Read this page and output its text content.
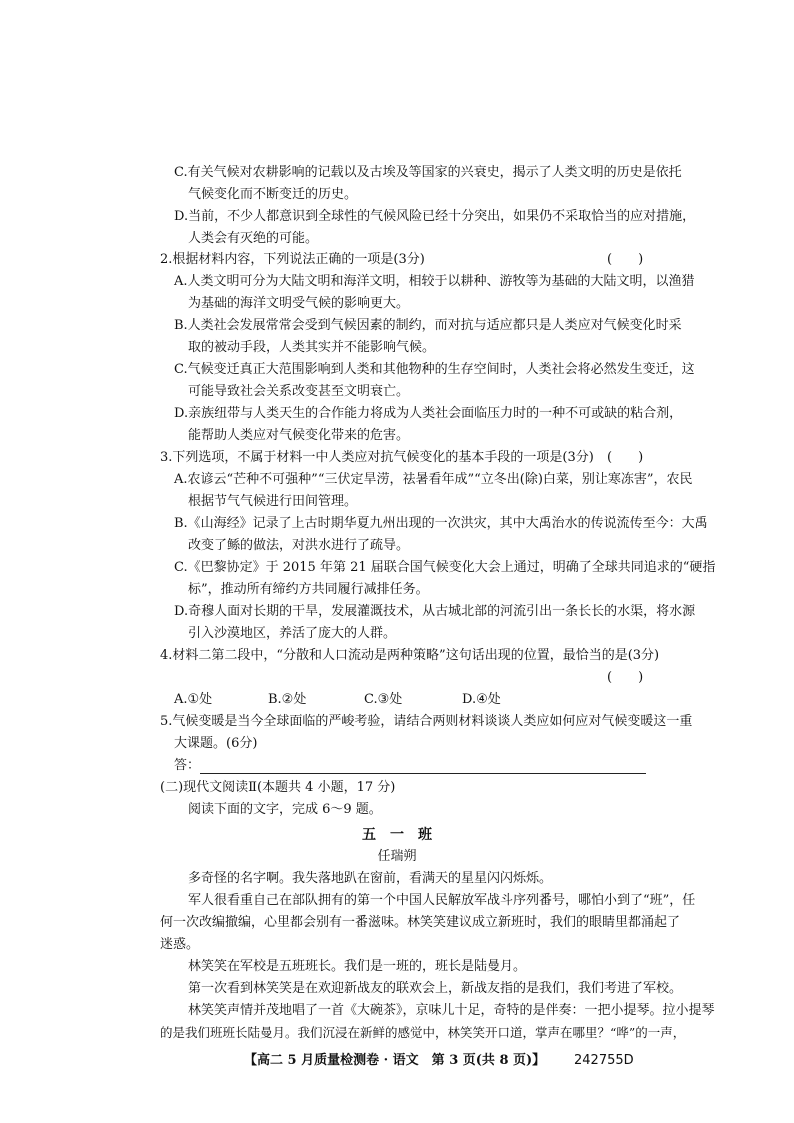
C.有关气候对农耕影响的记载以及古埃及等国家的兴衰史，揭示了人类文明的历史是依托
气候变化而不断变迁的历史。
D.当前，不少人都意识到全球性的气候风险已经十分突出，如果仍不采取恰当的应对措施，
人类会有灭绝的可能。
2.根据材料内容，下列说法正确的一项是(3分)	(　　)
A.人类文明可分为大陆文明和海洋文明，相较于以耕种、游牧等为基础的大陆文明，以渔猎
为基础的海洋文明受气候的影响更大。
B.人类社会发展常常会受到气候因素的制约，而对抗与适应都只是人类应对气候变化时采
取的被动手段，人类其实并不能影响气候。
C.气候变迁真正大范围影响到人类和其他物种的生存空间时，人类社会将必然发生变迁，这
可能导致社会关系改变甚至文明衰亡。
D.亲族纽带与人类天生的合作能力将成为人类社会面临压力时的一种不可或缺的粘合剂，
能帮助人类应对气候变化带来的危害。
3.下列选项，不属于材料一中人类应对抗气候变化的基本手段的一项是(3分) (　　)
A.农谚云“芒种不可强种”“三伏定旱涝，祛暑看年成”“立冬出(除)白菜，别让寒冻害”，农民
根据节气气候进行田间管理。
B.《山海经》记录了上古时期华夏九州出现的一次洪灾，其中大禹治水的传说流传至今：大禹
改变了鲧的做法，对洪水进行了疏导。
C.《巴黎协定》于 2015 年第 21 届联合国气候变化大会上通过，明确了全球共同追求的“硬指
标”，推动所有缔约方共同履行减排任务。
D.奇穆人面对长期的干旱，发展灌溉技术，从古城北部的河流引出一条长长的水渠，将水源
引入沙漠地区，养活了庞大的人群。
4.材料二第二段中，“分散和人口流动是两种策略”这句话出现的位置，最恰当的是(3分)
(　　)
A.①处	B.②处	C.③处	D.④处
5.气候变暖是当今全球面临的严峻考验，请结合两则材料谈谈人类应如何应对气候变暖这一重
大课题。(6分)
答：
(二)现代文阅读Ⅱ(本题共 4 小题，17 分)
阅读下面的文字，完成 6～9 题。
五　一　班
任瑞朔
多奇怪的名字啊。我失落地趴在窗前，看满天的星星闪闪烁烁。
军人很看重自己在部队拥有的第一个中国人民解放军战斗序列番号，哪怕小到了“班”，任
何一次改编撤编，心里都会别有一番滋味。林笑笑建议成立新班时，我们的眼睛里都涌起了
迷惑。
林笑笑在军校是五班班长。我们是一班的，班长是陆曼月。
第一次看到林笑笑是在欢迎新战友的联欢会上，新战友指的是我们，我们考进了军校。
林笑笑声情并茂地唱了一首《大碗茶》，京味儿十足，奇特的是伴奏：一把小提琴。拉小提琴
的是我们班班长陆曼月。我们沉浸在新鲜的感觉中，林笑笑开口道，掌声在哪里？“哗”的一声，
【高二 5 月质量检测卷 · 语文　第 3 页(共 8 页)】 242755D
